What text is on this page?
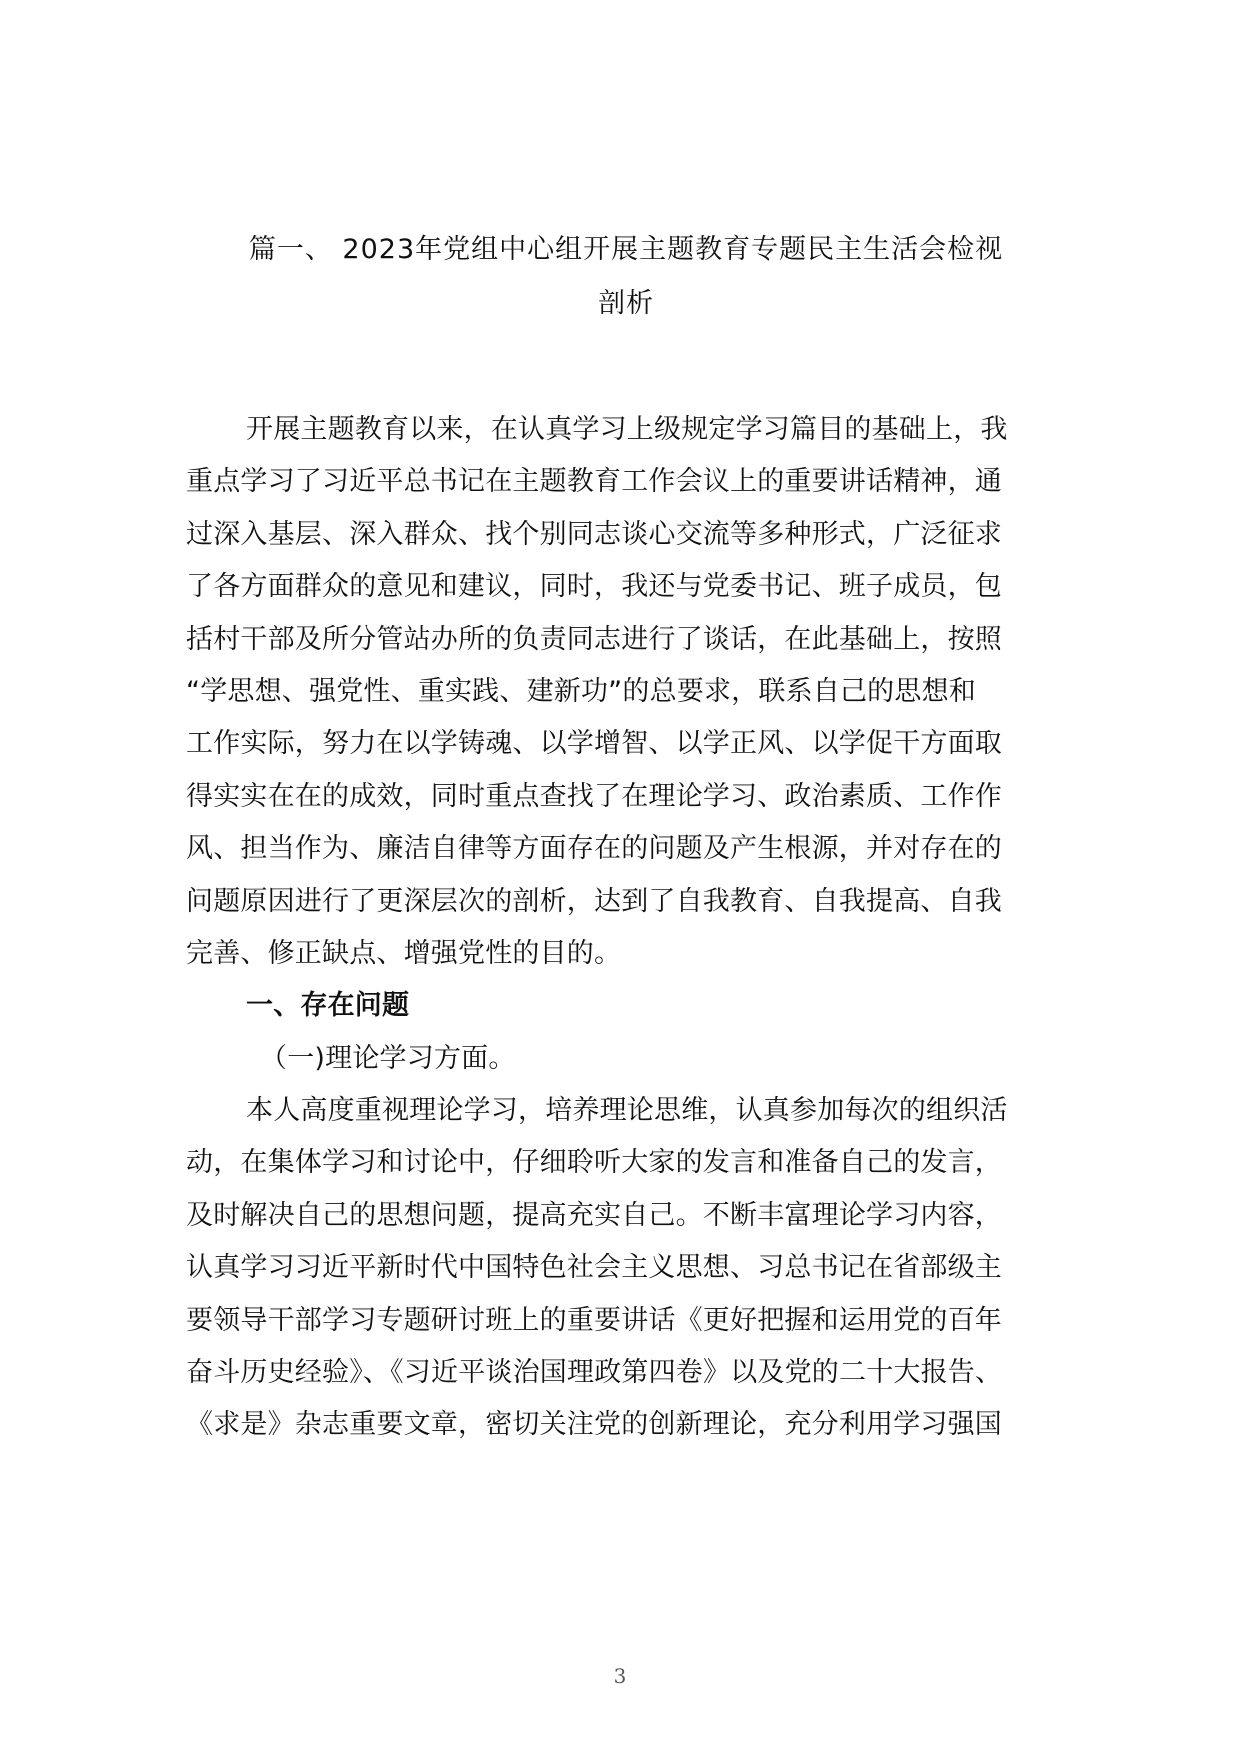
篇一、 2023年党组中心组开展主题教育专题民主生活会检视
剖析
开展主题教育以来，在认真学习上级规定学习篇目的基础上，我
重点学习了习近平总书记在主题教育工作会议上的重要讲话精神，通
过深入基层、深入群众、找个别同志谈心交流等多种形式，广泛征求
了各方面群众的意见和建议，同时，我还与党委书记、班子成员，包
括村干部及所分管站办所的负责同志进行了谈话，在此基础上，按照
“学思想、强党性、重实践、建新功”的总要求，联系自己的思想和
工作实际，努力在以学铸魂、以学增智、以学正风、以学促干方面取
得实实在在的成效，同时重点查找了在理论学习、政治素质、工作作
风、担当作为、廉洁自律等方面存在的问题及产生根源，并对存在的
问题原因进行了更深层次的剖析，达到了自我教育、自我提高、自我
完善、修正缺点、增强党性的目的。
一、存在问题
（一)理论学习方面。
本人高度重视理论学习，培养理论思维，认真参加每次的组织活
动，在集体学习和讨论中，仔细聆听大家的发言和准备自己的发言，
及时解决自己的思想问题，提高充实自己。不断丰富理论学习内容，
认真学习习近平新时代中国特色社会主义思想、习总书记在省部级主
要领导干部学习专题研讨班上的重要讲话《更好把握和运用党的百年
奋斗历史经验》、《习近平谈治国理政第四卷》以及党的二十大报告、
《求是》杂志重要文章，密切关注党的创新理论，充分利用学习强国
3
